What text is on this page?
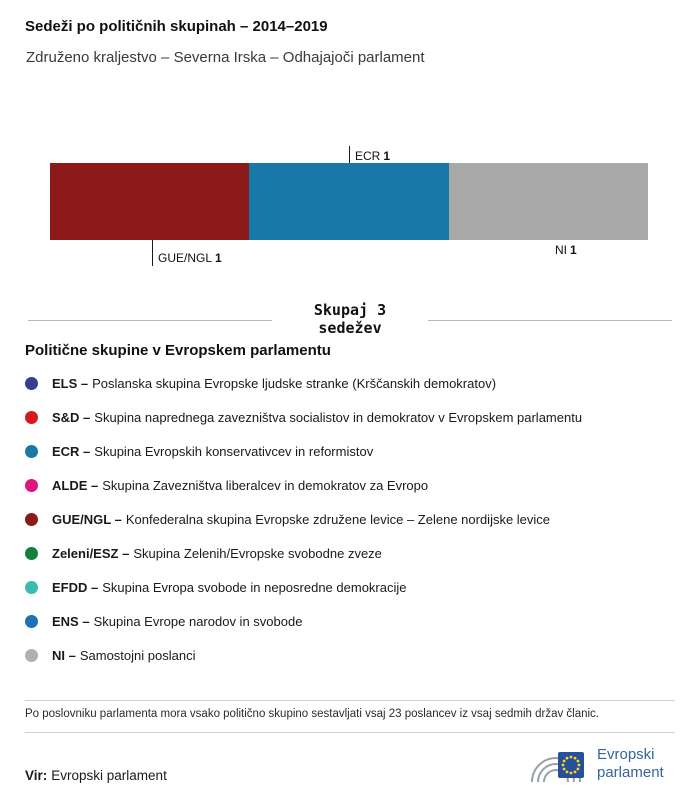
Sedeži po političnih skupinah – 2014–2019
Združeno kraljestvo – Severna Irska – Odhajajoči parlament
ECR 1
GUE/NGL 1
NI 1
Skupaj 3
sedežev
Politične skupine v Evropskem parlamentu
ELS – Poslanska skupina Evropske ljudske stranke (Krščanskih demokratov)
S&D – Skupina naprednega zavezništva socialistov in demokratov v Evropskem parlamentu
ECR – Skupina Evropskih konservativcev in reformistov
ALDE – Skupina Zavezništva liberalcev in demokratov za Evropo
GUE/NGL – Konfederalna skupina Evropske združene levice – Zelene nordijske levice
Zeleni/ESZ – Skupina Zelenih/Evropske svobodne zveze
EFDD – Skupina Evropa svobode in neposredne demokracije
ENS – Skupina Evrope narodov in svobode
NI – Samostojni poslanci
Po poslovniku parlamenta mora vsako politično skupino sestavljati vsaj 23 poslancev iz vsaj sedmih držav članic.
Vir: Evropski parlament
Evropski
parlament
